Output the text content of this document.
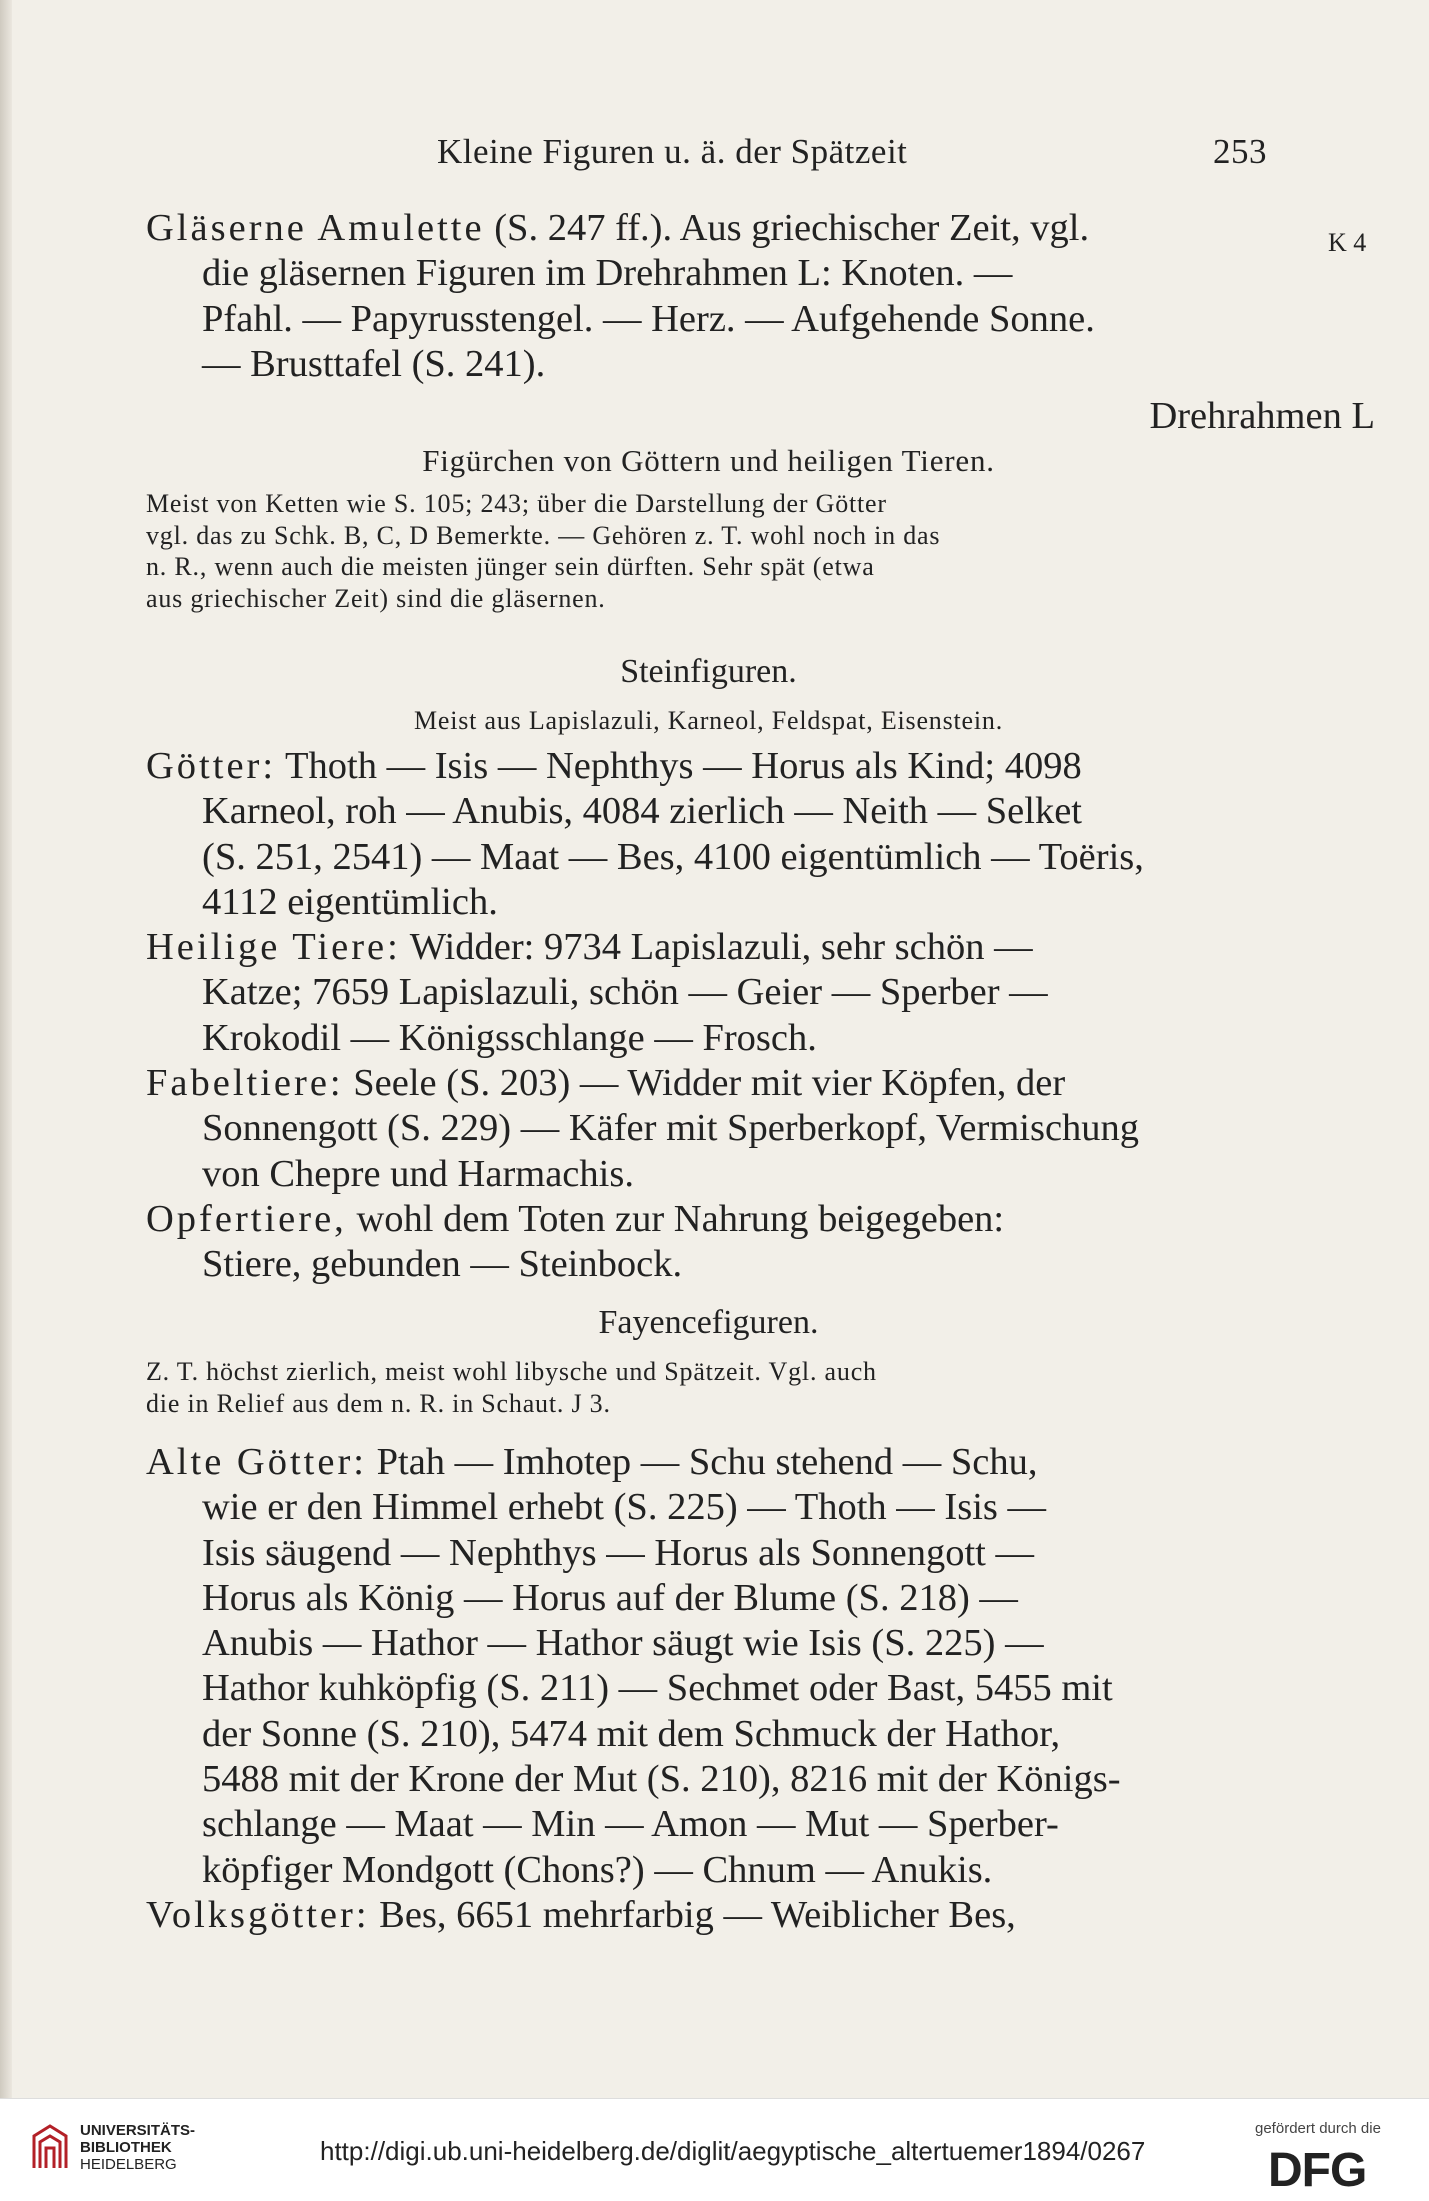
Kleine Figuren u. ä. der Spätzeit	253
K 4
Gläserne Amulette (S. 247 ff.). Aus griechischer Zeit, vgl.
die gläsernen Figuren im Drehrahmen L: Knoten. —
Pfahl. — Papyrusstengel. — Herz. — Aufgehende Sonne.
— Brusttafel (S. 241).
Drehrahmen L
Figürchen von Göttern und heiligen Tieren.
Meist von Ketten wie S. 105; 243; über die Darstellung der Götter
vgl. das zu Schk. B, C, D Bemerkte. — Gehören z. T. wohl noch in das
n. R., wenn auch die meisten jünger sein dürften. Sehr spät (etwa
aus griechischer Zeit) sind die gläsernen.
Steinfiguren.
Meist aus Lapislazuli, Karneol, Feldspat, Eisenstein.
Götter: Thoth — Isis — Nephthys — Horus als Kind; 4098
Karneol, roh — Anubis, 4084 zierlich — Neith — Selket
(S. 251, 2541) — Maat — Bes, 4100 eigentümlich — Toëris,
4112 eigentümlich.
Heilige Tiere: Widder: 9734 Lapislazuli, sehr schön —
Katze; 7659 Lapislazuli, schön — Geier — Sperber —
Krokodil — Königsschlange — Frosch.
Fabeltiere: Seele (S. 203) — Widder mit vier Köpfen, der
Sonnengott (S. 229) — Käfer mit Sperberkopf, Vermischung
von Chepre und Harmachis.
Opfertiere, wohl dem Toten zur Nahrung beigegeben:
Stiere, gebunden — Steinbock.
Fayencefiguren.
Z. T. höchst zierlich, meist wohl libysche und Spätzeit. Vgl. auch
die in Relief aus dem n. R. in Schaut. J 3.
Alte Götter: Ptah — Imhotep — Schu stehend — Schu,
wie er den Himmel erhebt (S. 225) — Thoth — Isis —
Isis säugend — Nephthys — Horus als Sonnengott —
Horus als König — Horus auf der Blume (S. 218) —
Anubis — Hathor — Hathor säugt wie Isis (S. 225) —
Hathor kuhköpfig (S. 211) — Sechmet oder Bast, 5455 mit
der Sonne (S. 210), 5474 mit dem Schmuck der Hathor,
5488 mit der Krone der Mut (S. 210), 8216 mit der Königs-
schlange — Maat — Min — Amon — Mut — Sperber-
köpfiger Mondgott (Chons?) — Chnum — Anukis.
Volksgötter: Bes, 6651 mehrfarbig — Weiblicher Bes,
UNIVERSITÄTS-
BIBLIOTHEK
HEIDELBERG	http://digi.ub.uni-heidelberg.de/diglit/aegyptische_altertuemer1894/0267
gefördert durch die
DFG
